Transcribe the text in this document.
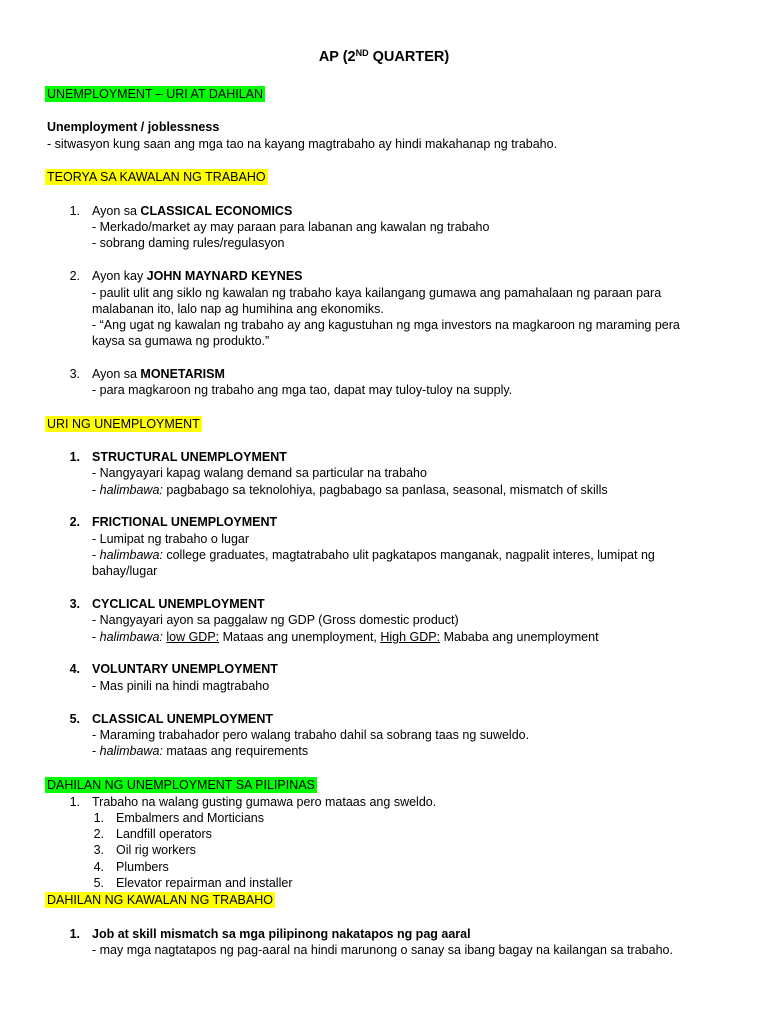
AP (2ND QUARTER)
UNEMPLOYMENT – URI AT DAHILAN
Unemployment / joblessness
- sitwasyon kung saan ang mga tao na kayang magtrabaho ay hindi makahanap ng trabaho.
TEORYA SA KAWALAN NG TRABAHO
1. Ayon sa CLASSICAL ECONOMICS
- Merkado/market ay may paraan para labanan ang kawalan ng trabaho
- sobrang daming rules/regulasyon
2. Ayon kay JOHN MAYNARD KEYNES
- paulit ulit ang siklo ng kawalan ng trabaho kaya kailangang gumawa ang pamahalaan ng paraan para
malabanan ito, lalo nap ag humihina ang ekonomiks.
- “Ang ugat ng kawalan ng trabaho ay ang kagustuhan ng mga investors na magkaroon ng maraming pera
kaysa sa gumawa ng produkto.”
3. Ayon sa MONETARISM
- para magkaroon ng trabaho ang mga tao, dapat may tuloy-tuloy na supply.
URI NG UNEMPLOYMENT
1. STRUCTURAL UNEMPLOYMENT
- Nangyayari kapag walang demand sa particular na trabaho
- halimbawa: pagbabago sa teknolohiya, pagbabago sa panlasa, seasonal, mismatch of skills
2. FRICTIONAL UNEMPLOYMENT
- Lumipat ng trabaho o lugar
- halimbawa: college graduates, magtatrabaho ulit pagkatapos manganak, nagpalit interes, lumipat ng
bahay/lugar
3. CYCLICAL UNEMPLOYMENT
- Nangyayari ayon sa paggalaw ng GDP (Gross domestic product)
- halimbawa: low GDP: Mataas ang unemployment, High GDP: Mababa ang unemployment
4. VOLUNTARY UNEMPLOYMENT
- Mas pinili na hindi magtrabaho
5. CLASSICAL UNEMPLOYMENT
- Maraming trabahador pero walang trabaho dahil sa sobrang taas ng suweldo.
- halimbawa: mataas ang requirements
DAHILAN NG UNEMPLOYMENT SA PILIPINAS
1. Trabaho na walang gusting gumawa pero mataas ang sweldo.
1. Embalmers and Morticians
2. Landfill operators
3. Oil rig workers
4. Plumbers
5. Elevator repairman and installer
DAHILAN NG KAWALAN NG TRABAHO
1. Job at skill mismatch sa mga pilipinong nakatapos ng pag aaral
- may mga nagtatapos ng pag-aaral na hindi marunong o sanay sa ibang bagay na kailangan sa trabaho.
